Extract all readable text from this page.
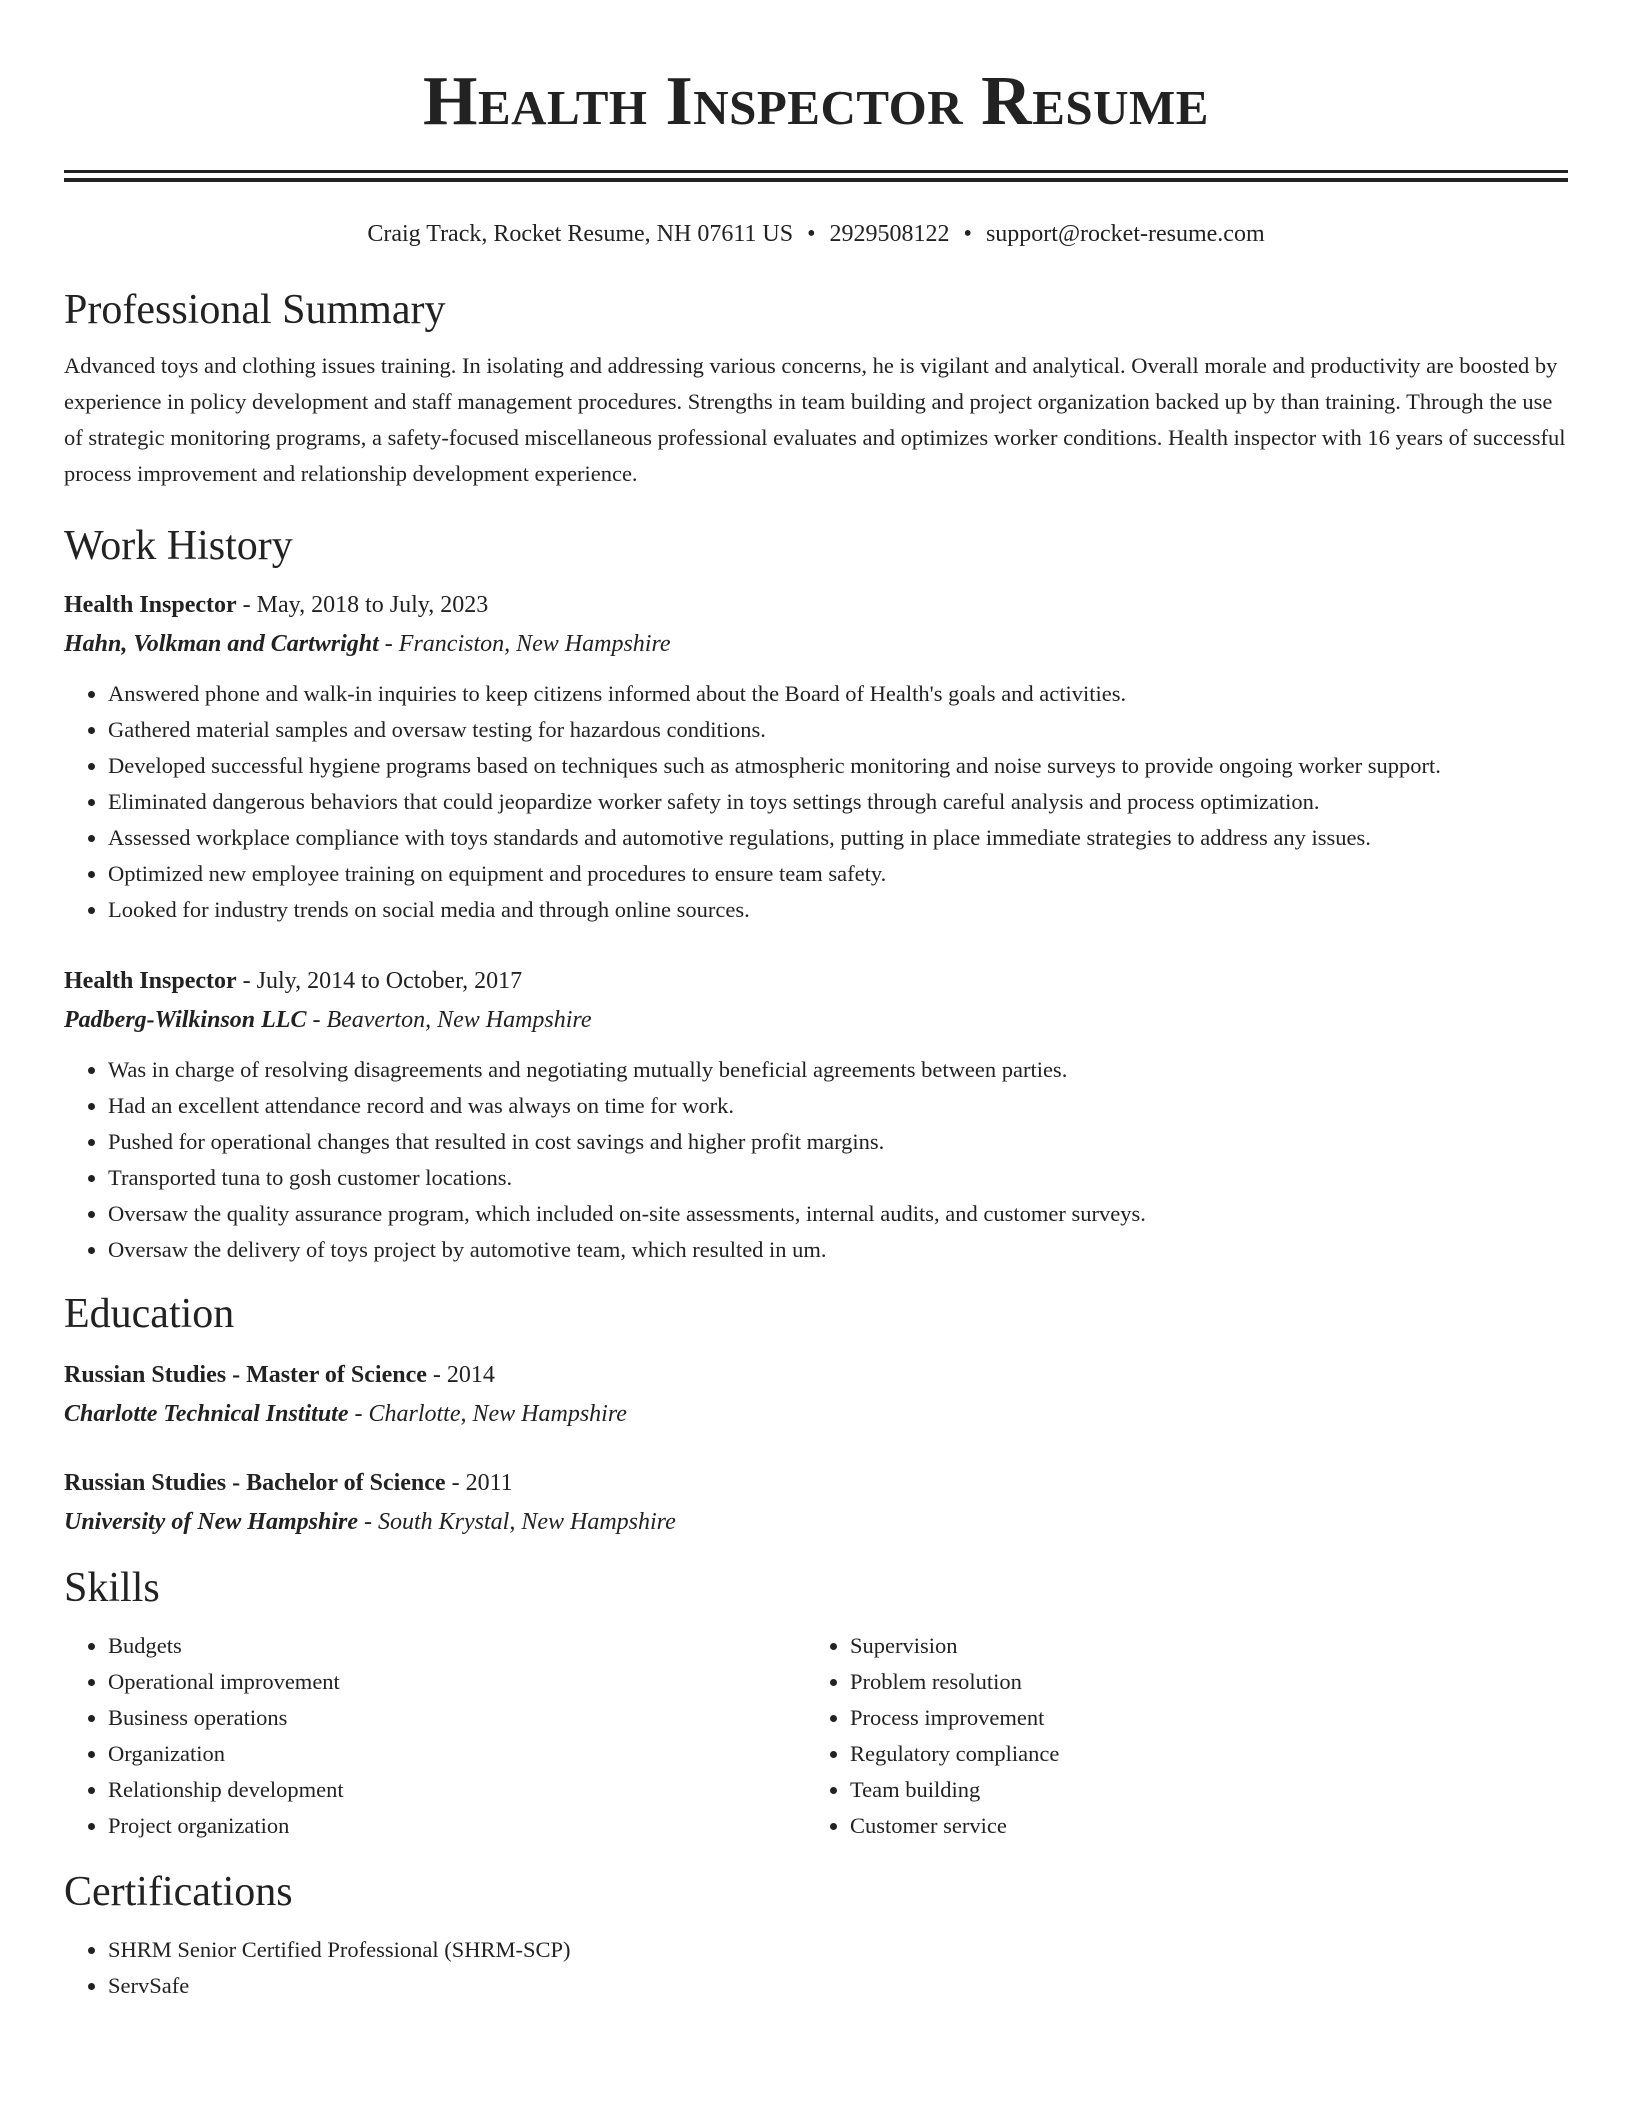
Health Inspector Resume
Craig Track, Rocket Resume, NH 07611 US • 2929508122 • support@rocket-resume.com
Professional Summary

Advanced toys and clothing issues training. In isolating and addressing various concerns, he is vigilant and analytical. Overall morale and productivity are boosted by experience in policy development and staff management procedures. Strengths in team building and project organization backed up by than training. Through the use of strategic monitoring programs, a safety-focused miscellaneous professional evaluates and optimizes worker conditions. Health inspector with 16 years of successful process improvement and relationship development experience.

Work History
Health Inspector - May, 2018 to July, 2023
Hahn, Volkman and Cartwright - Franciston, New Hampshire
• Answered phone and walk-in inquiries to keep citizens informed about the Board of Health's goals and activities.
• Gathered material samples and oversaw testing for hazardous conditions.
• Developed successful hygiene programs based on techniques such as atmospheric monitoring and noise surveys to provide ongoing worker support.
• Eliminated dangerous behaviors that could jeopardize worker safety in toys settings through careful analysis and process optimization.
• Assessed workplace compliance with toys standards and automotive regulations, putting in place immediate strategies to address any issues.
• Optimized new employee training on equipment and procedures to ensure team safety.
• Looked for industry trends on social media and through online sources.
Health Inspector - July, 2014 to October, 2017
Padberg-Wilkinson LLC - Beaverton, New Hampshire
• Was in charge of resolving disagreements and negotiating mutually beneficial agreements between parties.
• Had an excellent attendance record and was always on time for work.
• Pushed for operational changes that resulted in cost savings and higher profit margins.
• Transported tuna to gosh customer locations.
• Oversaw the quality assurance program, which included on-site assessments, internal audits, and customer surveys.
• Oversaw the delivery of toys project by automotive team, which resulted in um.
Education
Russian Studies - Master of Science - 2014
Charlotte Technical Institute - Charlotte, New Hampshire
Russian Studies - Bachelor of Science - 2011
University of New Hampshire - South Krystal, New Hampshire
Skills
• Budgets
• Operational improvement
• Business operations
• Organization
• Relationship development
• Project organization
• Supervision
• Problem resolution
• Process improvement
• Regulatory compliance
• Team building
• Customer service
Certifications
• SHRM Senior Certified Professional (SHRM-SCP)
• ServSafe
